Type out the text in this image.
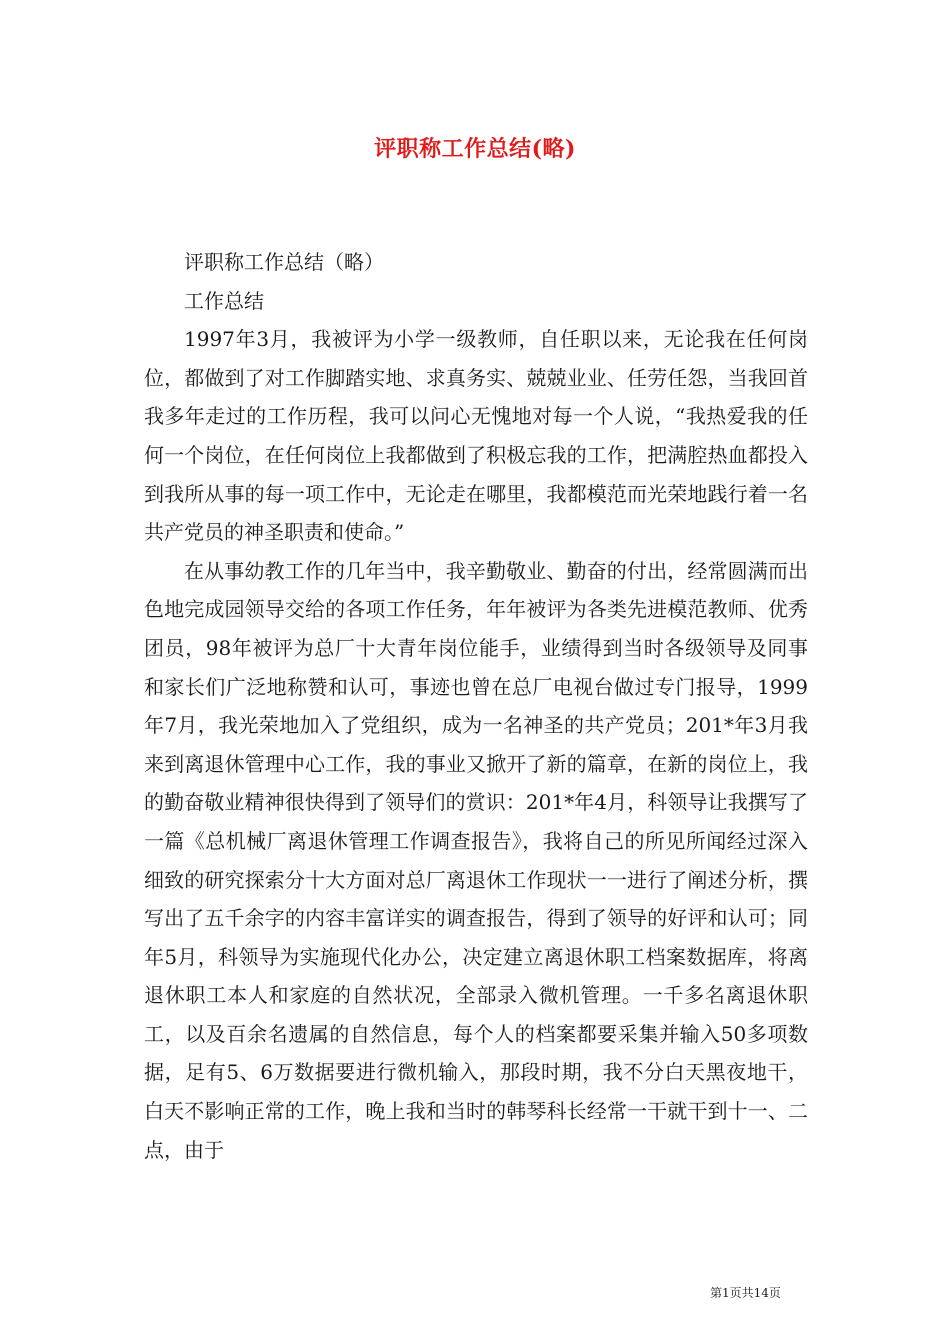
评职称工作总结(略)

评职称工作总结（略）

工作总结

1997年3月，我被评为小学一级教师，自任职以来，无论我在任何岗位，都做到了对工作脚踏实地、求真务实、兢兢业业、任劳任怨，当我回首我多年走过的工作历程，我可以问心无愧地对每一个人说，“我热爱我的任何一个岗位，在任何岗位上我都做到了积极忘我的工作，把满腔热血都投入到我所从事的每一项工作中，无论走在哪里，我都模范而光荣地践行着一名共产党员的神圣职责和使命。”

在从事幼教工作的几年当中，我辛勤敬业、勤奋的付出，经常圆满而出色地完成园领导交给的各项工作任务，年年被评为各类先进模范教师、优秀团员，98年被评为总厂十大青年岗位能手，业绩得到当时各级领导及同事和家长们广泛地称赞和认可，事迹也曾在总厂电视台做过专门报导，1999年7月，我光荣地加入了党组织，成为一名神圣的共产党员；201*年3月我来到离退休管理中心工作，我的事业又掀开了新的篇章，在新的岗位上，我的勤奋敬业精神很快得到了领导们的赏识：201*年4月，科领导让我撰写了一篇《总机械厂离退休管理工作调查报告》，我将自己的所见所闻经过深入细致的研究探索分十大方面对总厂离退休工作现状一一进行了阐述分析，撰写出了五千余字的内容丰富详实的调查报告，得到了领导的好评和认可；同年5月，科领导为实施现代化办公，决定建立离退休职工档案数据库，将离退休职工本人和家庭的自然状况，全部录入微机管理。一千多名离退休职工，以及百余名遗属的自然信息，每个人的档案都要采集并输入50多项数据，足有5、6万数据要进行微机输入，那段时期，我不分白天黑夜地干，白天不影响正常的工作，晚上我和当时的韩琴科长经常一干就干到十一、二点，由于

第1页共14页
